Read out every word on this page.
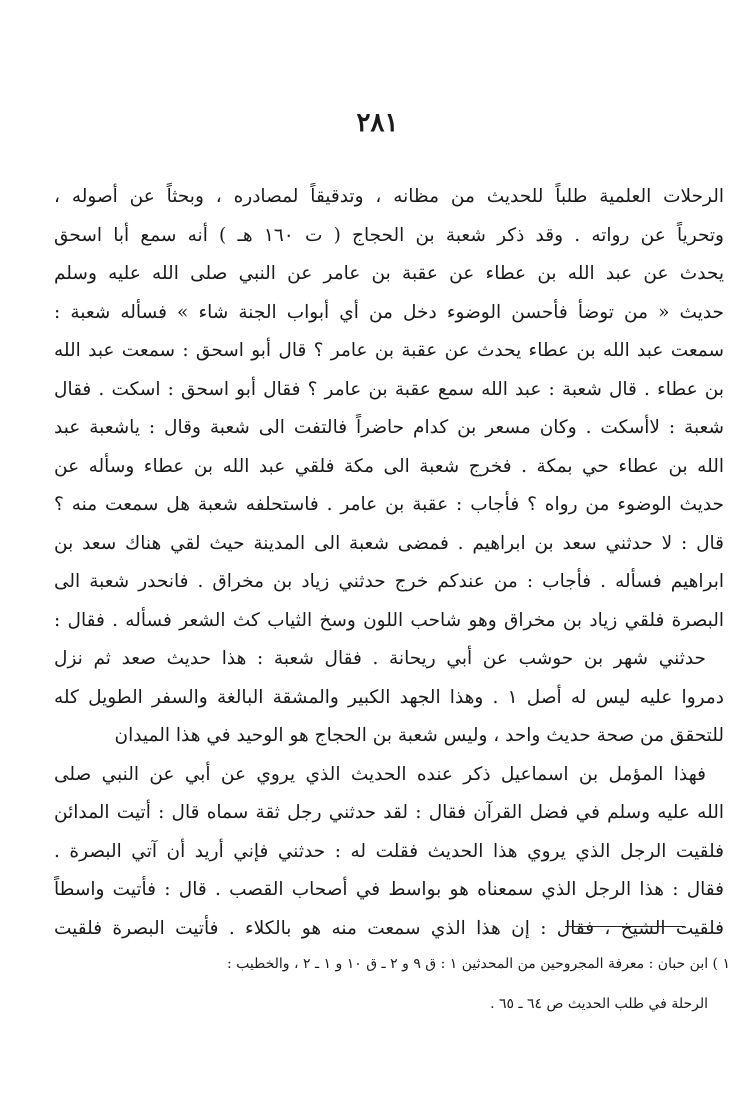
٢٨١
الرحلات العلمية طلباً للحديث من مظانه ، وتدقيقاً لمصادره ، وبحثاً عن أصوله ،
وتحرياً عن رواته . وقد ذكر شعبة بن الحجاج ( ت ١٦٠ هـ ) أنه سمع أبا اسحق
يحدث عن عبد الله بن عطاء عن عقبة بن عامر عن النبي صلى الله عليه وسلم
حديث « من توضأ فأحسن الوضوء دخل من أي أبواب الجنة شاء » فسأله شعبة :
سمعت عبد الله بن عطاء يحدث عن عقبة بن عامر ؟ قال أبو اسحق : سمعت عبد الله
بن عطاء . قال شعبة : عبد الله سمع عقبة بن عامر ؟ فقال أبو اسحق : اسكت . فقال
شعبة : لاأسكت . وكان مسعر بن كدام حاضراً فالتفت الى شعبة وقال : ياشعبة عبد
الله بن عطاء حي بمكة . فخرج شعبة الى مكة فلقي عبد الله بن عطاء وسأله عن
حديث الوضوء من رواه ؟ فأجاب : عقبة بن عامر . فاستحلفه شعبة هل سمعت منه ؟
قال : لا حدثني سعد بن ابراهيم . فمضى شعبة الى المدينة حيث لقي هناك سعد بن
ابراهيم فسأله . فأجاب : من عندكم خرج حدثني زياد بن مخراق . فانحدر شعبة الى
البصرة فلقي زياد بن مخراق وهو شاحب اللون وسخ الثياب كث الشعر فسأله . فقال :
حدثني شهر بن حوشب عن أبي ريحانة . فقال شعبة : هذا حديث صعد ثم نزل
دمروا عليه ليس له أصل ١ . وهذا الجهد الكبير والمشقة البالغة والسفر الطويل كله
للتحقق من صحة حديث واحد ، وليس شعبة بن الحجاج هو الوحيد في هذا الميدان
فهذا المؤمل بن اسماعيل ذكر عنده الحديث الذي يروي عن أبي عن النبي صلى
الله عليه وسلم في فضل القرآن فقال : لقد حدثني رجل ثقة سماه قال : أتيت المدائن
فلقيت الرجل الذي يروي هذا الحديث فقلت له : حدثني فإني أريد أن آتي البصرة .
فقال : هذا الرجل الذي سمعناه هو بواسط في أصحاب القصب . قال : فأتيت واسطاً
فلقيت الشيخ ، فقال : إن هذا الذي سمعت منه هو بالكلاء . فأتيت البصرة فلقيت
١ ) ابن حبان : معرفة المجروحين من المحدثين ١ : ق ٩ و ٢ ـ ق ١٠ و ١ ـ ٢ ، والخطيب :
الرحلة في طلب الحديث ص ٦٤ ـ ٦٥ .
